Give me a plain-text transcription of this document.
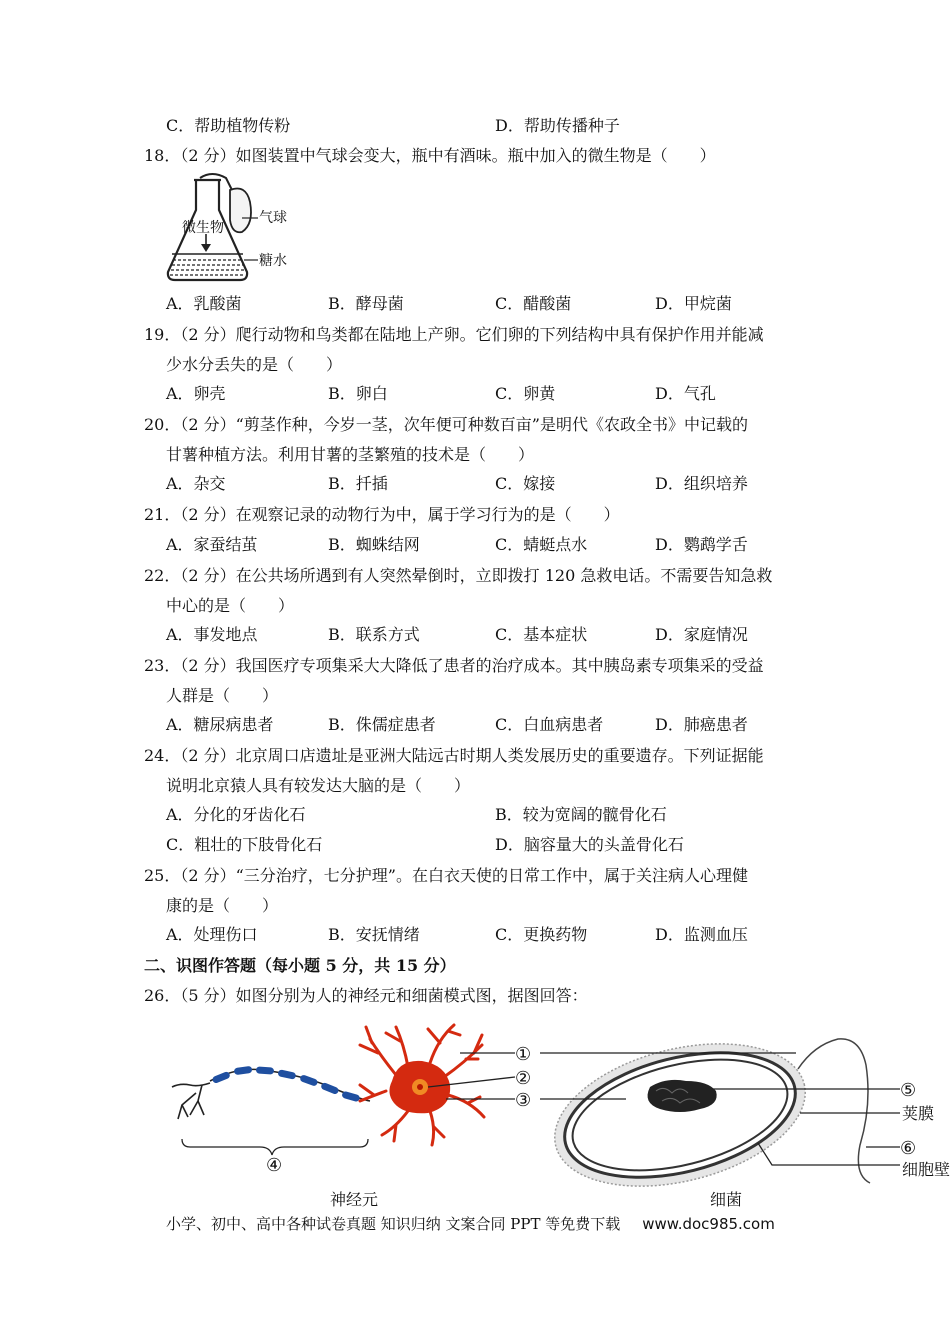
C．帮助植物传粉	D．帮助传播种子
18．（2 分）如图装置中气球会变大，瓶中有酒味。瓶中加入的微生物是（　　）
微生物
气球
糖水
A．乳酸菌	B．酵母菌	C．醋酸菌	D．甲烷菌
19．（2 分）爬行动物和鸟类都在陆地上产卵。它们卵的下列结构中具有保护作用并能减
少水分丢失的是（　　）
A．卵壳	B．卵白	C．卵黄	D．气孔
20．（2 分）“剪茎作种，今岁一茎，次年便可种数百亩”是明代《农政全书》中记载的
甘薯种植方法。利用甘薯的茎繁殖的技术是（　　）
A．杂交	B．扦插	C．嫁接	D．组织培养
21．（2 分）在观察记录的动物行为中，属于学习行为的是（　　）
A．家蚕结茧	B．蜘蛛结网	C．蜻蜓点水	D．鹦鹉学舌
22．（2 分）在公共场所遇到有人突然晕倒时，立即拨打 120 急救电话。不需要告知急救
中心的是（　　）
A．事发地点	B．联系方式	C．基本症状	D．家庭情况
23．（2 分）我国医疗专项集采大大降低了患者的治疗成本。其中胰岛素专项集采的受益
人群是（　　）
A．糖尿病患者	B．侏儒症患者	C．白血病患者	D．肺癌患者
24．（2 分）北京周口店遗址是亚洲大陆远古时期人类发展历史的重要遗存。下列证据能
说明北京猿人具有较发达大脑的是（　　）
A．分化的牙齿化石	B．较为宽阔的髋骨化石
C．粗壮的下肢骨化石	D．脑容量大的头盖骨化石
25．（2 分）“三分治疗，七分护理”。在白衣天使的日常工作中，属于关注病人心理健
康的是（　　）
A．处理伤口	B．安抚情绪	C．更换药物	D．监测血压
二、识图作答题（每小题 5 分，共 15 分）
26．（5 分）如图分别为人的神经元和细菌模式图，据图回答：
①
②
③
④
⑤
荚膜
⑥
细胞壁
神经元	细菌
小学、初中、高中各种试卷真题 知识归纳 文案合同 PPT 等免费下载 www.doc985.com
